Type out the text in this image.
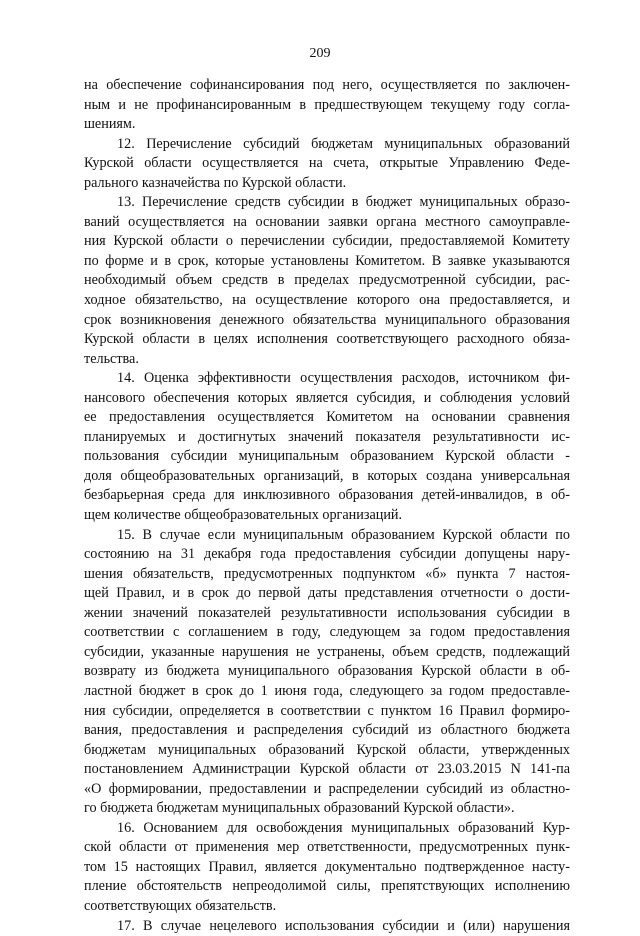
209
на обеспечение софинансирования под него, осуществляется по заключен-
ным и не профинансированным в предшествующем текущему году согла-
шениям.
12. Перечисление субсидий бюджетам муниципальных образований
Курской области осуществляется на счета, открытые Управлению Феде-
рального казначейства по Курской области.
13. Перечисление средств субсидии в бюджет муниципальных образо-
ваний осуществляется на основании заявки органа местного самоуправле-
ния Курской области о перечислении субсидии, предоставляемой Комитету
по форме и в срок, которые установлены Комитетом. В заявке указываются
необходимый объем средств в пределах предусмотренной субсидии, рас-
ходное обязательство, на осуществление которого она предоставляется, и
срок возникновения денежного обязательства муниципального образования
Курской области в целях исполнения соответствующего расходного обяза-
тельства.
14. Оценка эффективности осуществления расходов, источником фи-
нансового обеспечения которых является субсидия, и соблюдения условий
ее предоставления осуществляется Комитетом на основании сравнения
планируемых и достигнутых значений показателя результативности ис-
пользования субсидии муниципальным образованием Курской области -
доля общеобразовательных организаций, в которых создана универсальная
безбарьерная среда для инклюзивного образования детей-инвалидов, в об-
щем количестве общеобразовательных организаций.
15. В случае если муниципальным образованием Курской области по
состоянию на 31 декабря года предоставления субсидии допущены нару-
шения обязательств, предусмотренных подпунктом «б» пункта 7 настоя-
щей Правил, и в срок до первой даты представления отчетности о дости-
жении значений показателей результативности использования субсидии в
соответствии с соглашением в году, следующем за годом предоставления
субсидии, указанные нарушения не устранены, объем средств, подлежащий
возврату из бюджета муниципального образования Курской области в об-
ластной бюджет в срок до 1 июня года, следующего за годом предоставле-
ния субсидии, определяется в соответствии с пунктом 16 Правил формиро-
вания, предоставления и распределения субсидий из областного бюджета
бюджетам муниципальных образований Курской области, утвержденных
постановлением Администрации Курской области от 23.03.2015 N 141-па
«О формировании, предоставлении и распределении субсидий из областно-
го бюджета бюджетам муниципальных образований Курской области».
16. Основанием для освобождения муниципальных образований Кур-
ской области от применения мер ответственности, предусмотренных пунк-
том 15 настоящих Правил, является документально подтвержденное насту-
пление обстоятельств непреодолимой силы, препятствующих исполнению
соответствующих обязательств.
17. В случае нецелевого использования субсидии и (или) нарушения
